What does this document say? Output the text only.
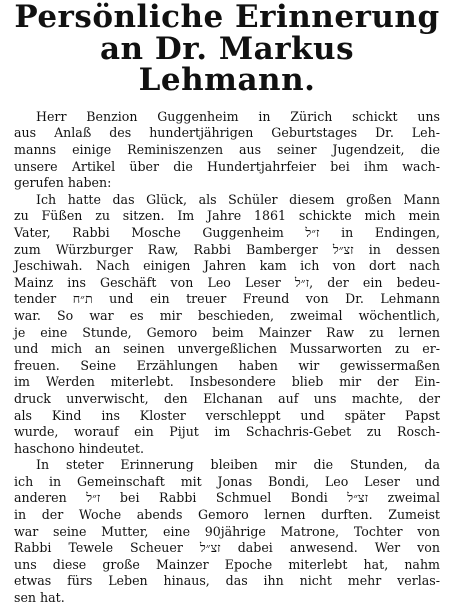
Persönliche Erinnerung
an Dr. Markus Lehmann.
Herr Benzion Guggenheim in Zürich schickt uns
aus Anlaß des hundertjährigen Geburtstages Dr. Leh-
manns einige Reminiszenzen aus seiner Jugendzeit, die
unsere Artikel über die Hundertjahrfeier bei ihm wach-
gerufen haben:
Ich hatte das Glück, als Schüler diesem großen Mann
zu Füßen zu sitzen. Im Jahre 1861 schickte mich mein
Vater, Rabbi Mosche Guggenheim ז״ל in Endingen,
zum Würzburger Raw, Rabbi Bamberger זצ״ל in dessen
Jeschiwah. Nach einigen Jahren kam ich von dort nach
Mainz ins Geschäft von Leo Leser ז״ל, der ein bedeu-
tender ת״ח und ein treuer Freund von Dr. Lehmann
war. So war es mir beschieden, zweimal wöchentlich,
je eine Stunde, Gemoro beim Mainzer Raw zu lernen
und mich an seinen unvergeßlichen Mussarworten zu er-
freuen. Seine Erzählungen haben wir gewissermaßen
im Werden miterlebt. Insbesondere blieb mir der Ein-
druck unverwischt, den Elchanan auf uns machte, der
als Kind ins Kloster verschleppt und später Papst
wurde, worauf ein Pijut im Schachris-Gebet zu Rosch-
haschono hindeutet.
In steter Erinnerung bleiben mir die Stunden, da
ich in Gemeinschaft mit Jonas Bondi, Leo Leser und
anderen ז״ל bei Rabbi Schmuel Bondi זצ״ל zweimal
in der Woche abends Gemoro lernen durften. Zumeist
war seine Mutter, eine 90jährige Matrone, Tochter von
Rabbi Tewele Scheuer זצ״ל dabei anwesend. Wer von
uns diese große Mainzer Epoche miterlebt hat, nahm
etwas fürs Leben hinaus, das ihn nicht mehr verlas-
sen hat.
